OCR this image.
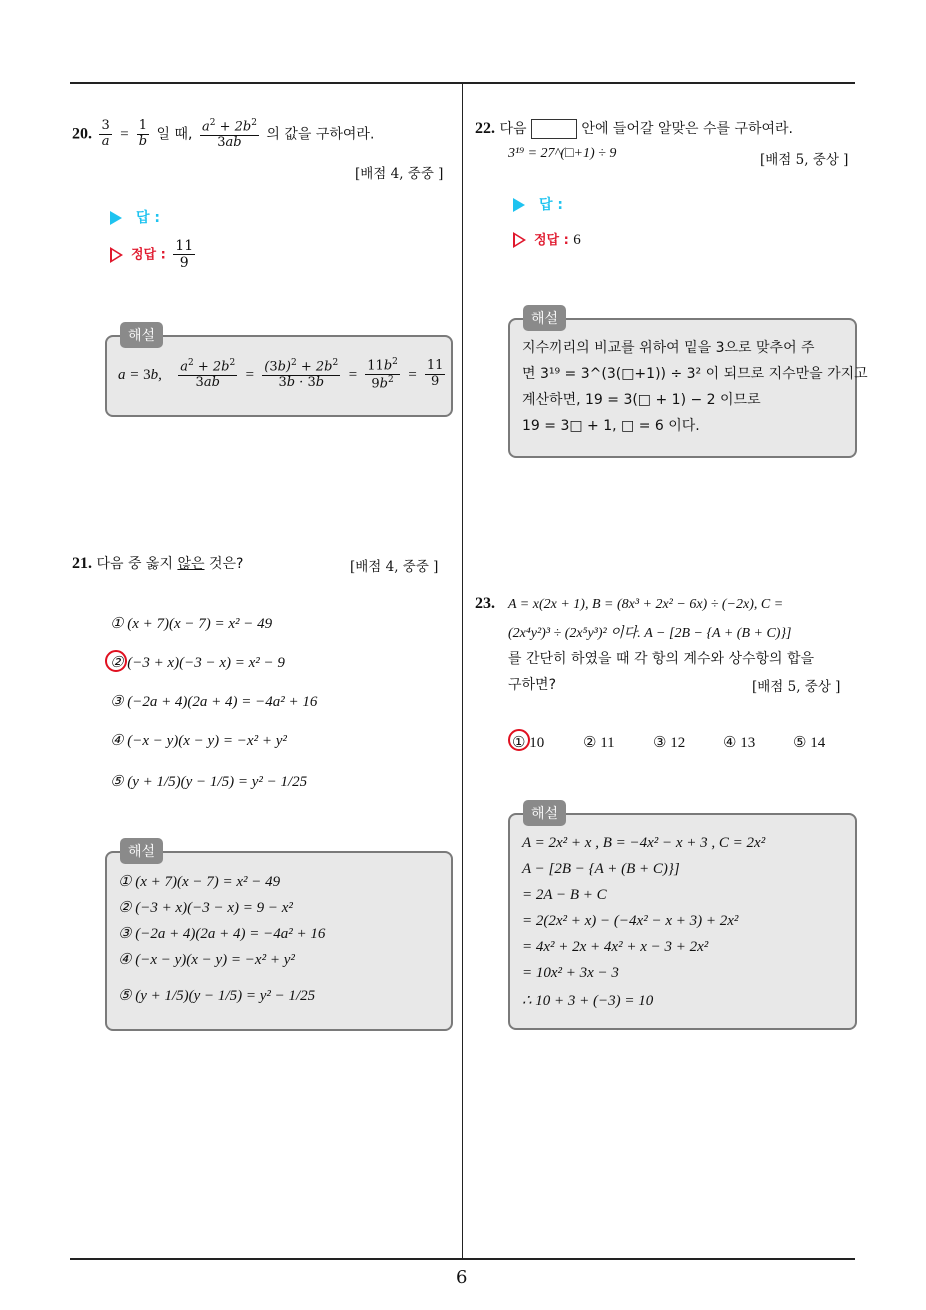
6
20. $\frac{3}{a} = \frac{1}{b}$ 일 때, $\frac{a^2 + 2b^2}{3ab}$ 의 값을 구하여라.
[배점 4, 중중 ]
답 :
정답 : $\frac{11}{9}$
해설
a = 3b, $\frac{a^2 + 2b^2}{3ab} = \frac{(3b)^2 + 2b^2}{3b \cdot 3b} = \frac{11b^2}{9b^2} = \frac{11}{9}$
21. 다음 중 옳지 않은 것은?	[배점 4, 중중 ]
① (x + 7)(x − 7) = x² − 49
② (−3 + x)(−3 − x) = x² − 9
③ (−2a + 4)(2a + 4) = −4a² + 16
④ (−x − y)(x − y) = −x² + y²
⑤ (y + 1/5)(y − 1/5) = y² − 1/25
해설
① (x + 7)(x − 7) = x² − 49
② (−3 + x)(−3 − x) = 9 − x²
③ (−2a + 4)(2a + 4) = −4a² + 16
④ (−x − y)(x − y) = −x² + y²
⑤ (y + 1/5)(y − 1/5) = y² − 1/25
22. 다음	안에 들어갈 알맞은 수를 구하여라.
3¹⁹ = 27^(□+1) ÷ 9	[배점 5, 중상 ]
답 :
정답 : 6
해설
지수끼리의 비교를 위하여 밑을 3으로 맞추어 주
면 3¹⁹ = 3^(3(□+1)) ÷ 3² 이 되므로 지수만을 가지고
계산하면, 19 = 3(□ + 1) − 2 이므로
19 = 3□ + 1, □ = 6 이다.
23. A = x(2x + 1), B = (8x³ + 2x² − 6x) ÷ (−2x), C =
(2x⁴y²)³ ÷ (2x⁵y³)² 이다. A − [2B − {A + (B + C)}]
를 간단히 하였을 때 각 항의 계수와 상수항의 합을
구하면?	[배점 5, 중상 ]
① 10	② 11	③ 12	④ 13	⑤ 14
해설
A = 2x² + x , B = −4x² − x + 3 , C = 2x²
A − [2B − {A + (B + C)}]
= 2A − B + C
= 2(2x² + x) − (−4x² − x + 3) + 2x²
= 4x² + 2x + 4x² + x − 3 + 2x²
= 10x² + 3x − 3
∴ 10 + 3 + (−3) = 10
